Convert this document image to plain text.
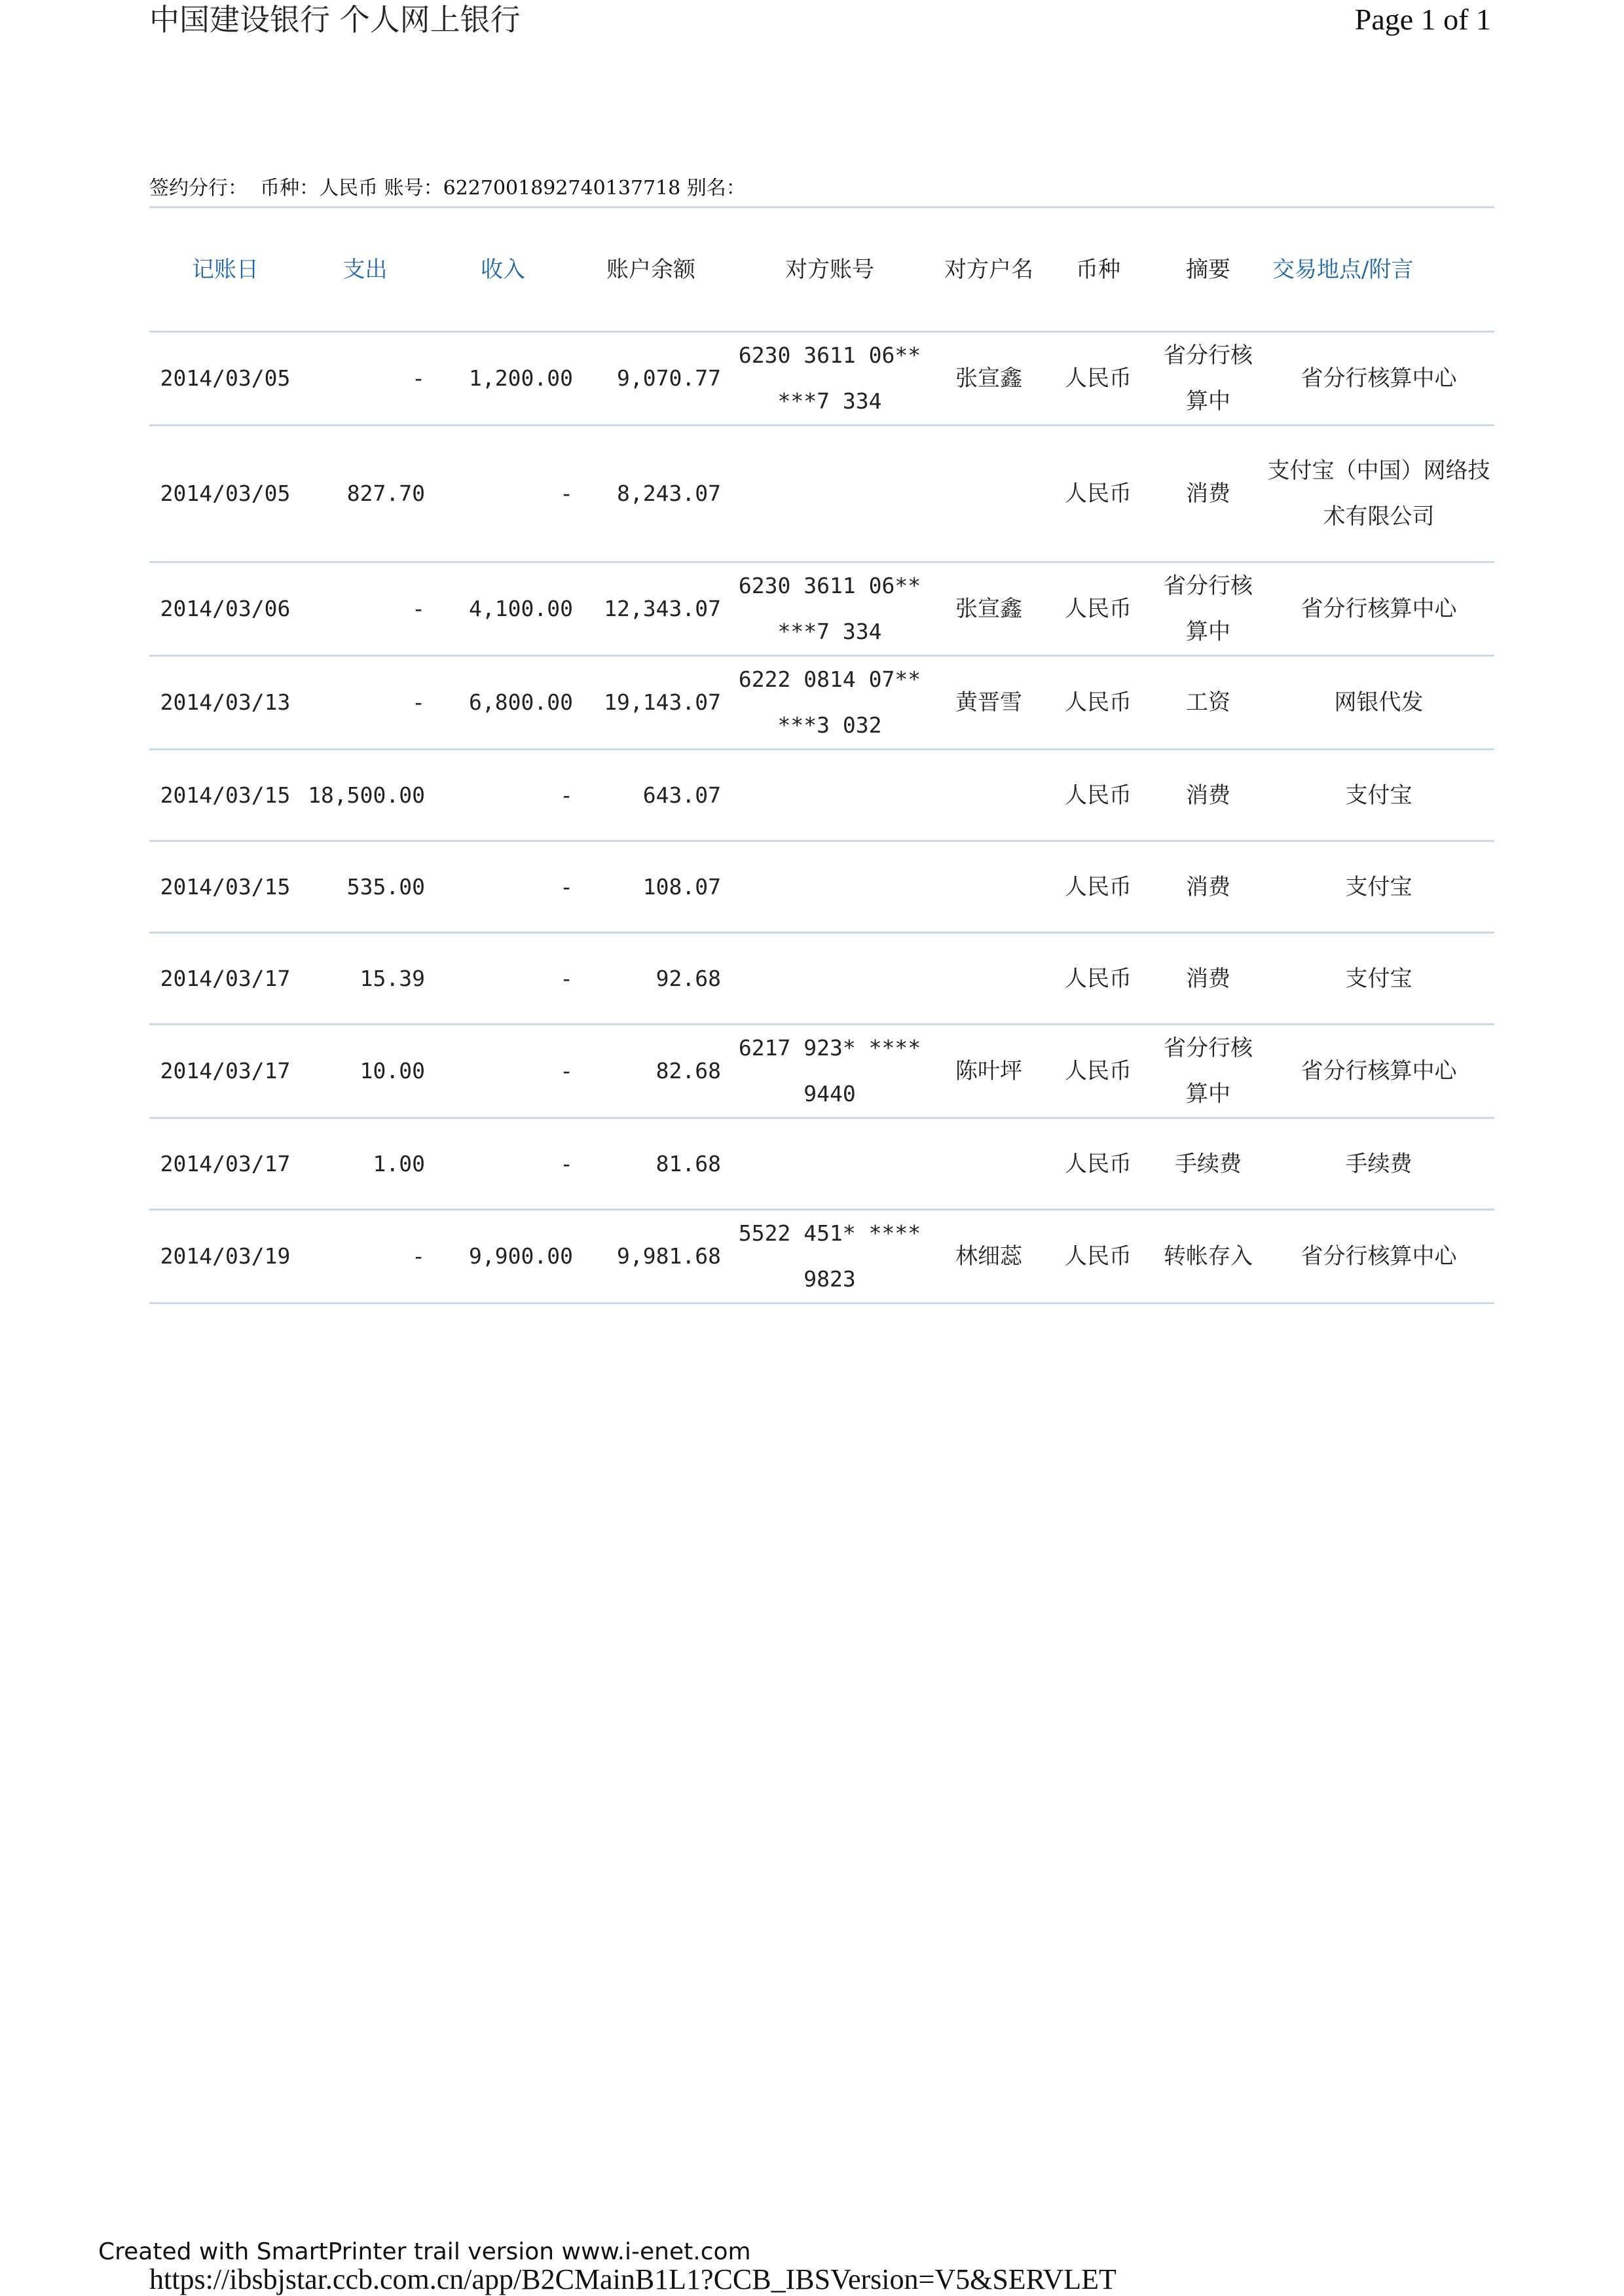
中国建设银行 个人网上银行	Page 1 of 1
签约分行：  币种：人民币 账号：6227001892740137718 别名：
记账日	支出	收入	账户余额	对方账号	对方户名	币种	摘要	交易地点/附言
2014/03/05	-	1,200.00	9,070.77	6230 3611 06** ***7 334	张宣鑫	人民币	省分行核算中	省分行核算中心
2014/03/05	827.70	-	8,243.07			人民币	消费	支付宝（中国）网络技术有限公司
2014/03/06	-	4,100.00	12,343.07	6230 3611 06** ***7 334	张宣鑫	人民币	省分行核算中	省分行核算中心
2014/03/13	-	6,800.00	19,143.07	6222 0814 07** ***3 032	黄晋雪	人民币	工资	网银代发
2014/03/15	18,500.00	-	643.07			人民币	消费	支付宝
2014/03/15	535.00	-	108.07			人民币	消费	支付宝
2014/03/17	15.39	-	92.68			人民币	消费	支付宝
2014/03/17	10.00	-	82.68	6217 923* **** 9440	陈叶坪	人民币	省分行核算中	省分行核算中心
2014/03/17	1.00	-	81.68			人民币	手续费	手续费
2014/03/19	-	9,900.00	9,981.68	5522 451* **** 9823	林细蕊	人民币	转帐存入	省分行核算中心
Created with SmartPrinter trail version www.i-enet.com
https://ibsbjstar.ccb.com.cn/app/B2CMainB1L1?CCB_IBSVersion=V5&SERVLET
